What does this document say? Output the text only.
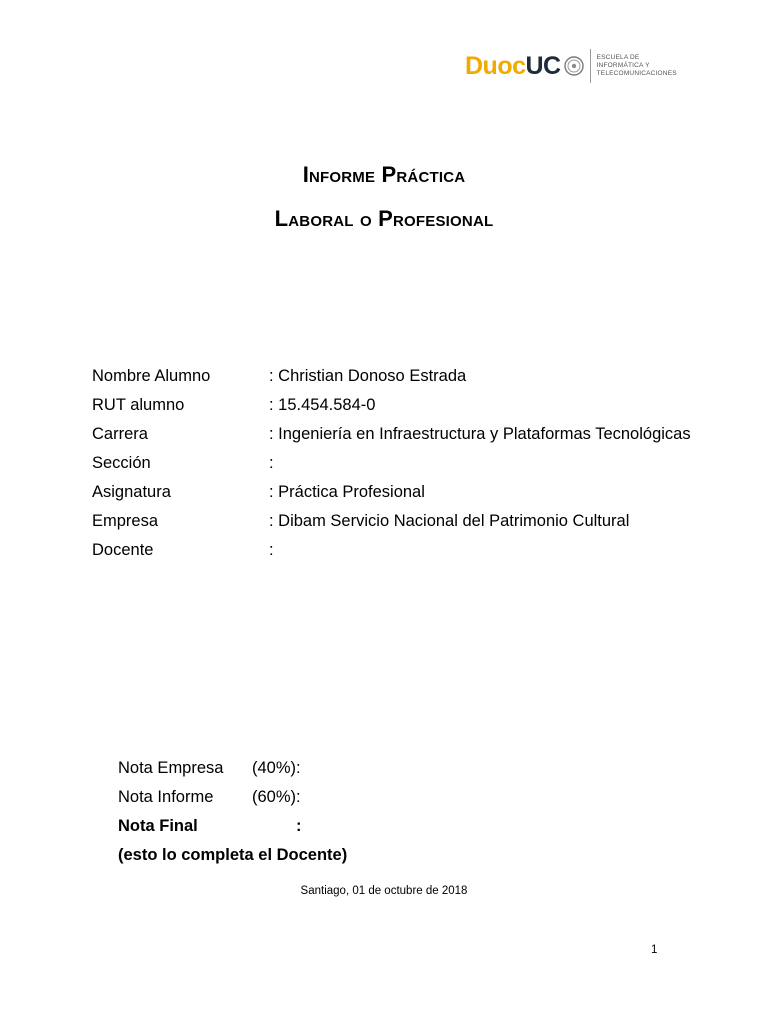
Duoc UC	ESCUELA DE
INFORMÁTICA Y
TELECOMUNICACIONES
Informe Práctica
Laboral o Profesional
Nombre Alumno	: Christian Donoso Estrada
RUT alumno	: 15.454.584-0
Carrera	: Ingeniería en Infraestructura y Plataformas Tecnológicas
Sección	:
Asignatura	: Práctica Profesional
Empresa	: Dibam Servicio Nacional del Patrimonio Cultural
Docente	:
Nota Empresa	(40%):
Nota Informe	(60%):
Nota Final	:
(esto lo completa el Docente)
Santiago, 01 de octubre de 2018
1
